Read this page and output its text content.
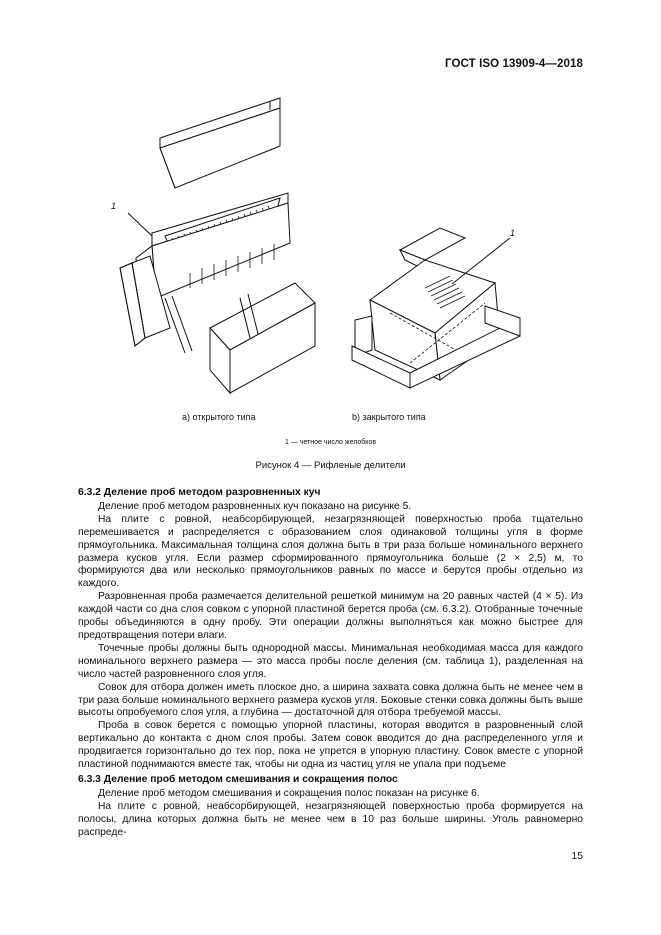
ГОСТ ISO 13909-4—2018
1
1
a) открытого типа	b) закрытого типа
1 — четное число желобков
Рисунок 4 — Рифленые делители
6.3.2 Деление проб методом разровненных куч

Деление проб методом разровненных куч показано на рисунке 5.

На плите с ровной, неабсорбирующей, незагрязняющей поверхностью проба тщательно перемешивается и распределяется с образованием слоя одинаковой толщины угля в форме прямоугольника. Максимальная толщина слоя должна быть в три раза больше номинального верхнего размера кусков угля. Если размер сформированного прямоугольника больше (2 × 2,5) м, то формируются два или несколько прямоугольников равных по массе и берутся пробы отдельно из каждого.

Разровненная проба размечается делительной решеткой минимум на 20 равных частей (4 × 5). Из каждой части со дна слоя совком с упорной пластиной берется проба (см. 6.3.2). Отобранные точечные пробы объединяются в одну пробу. Эти операции должны выполняться как можно быстрее для предотвращения потери влаги.

Точечные пробы должны быть однородной массы. Минимальная необходимая масса для каждого номинального верхнего размера — это масса пробы после деления (см. таблица 1), разделенная на число частей разровненного слоя угля.

Совок для отбора должен иметь плоское дно, а ширина захвата совка должна быть не менее чем в три раза больше номинального верхнего размера кусков угля. Боковые стенки совка должны быть выше высоты опробуемого слоя угля, а глубина — достаточной для отбора требуемой массы.

Проба в совок берется с помощью упорной пластины, которая вводится в разровненный слой вертикально до контакта с дном слоя пробы. Затем совок вводится до дна распределенного угля и продвигается горизонтально до тех пор, пока не упрется в упорную пластину. Совок вместе с упорной пластиной поднимаются вместе так, чтобы ни одна из частиц угля не упала при подъеме

6.3.3 Деление проб методом смешивания и сокращения полос

Деление проб методом смешивания и сокращения полос показан на рисунке 6.

На плите с ровной, неабсорбирующей, незагрязняющей поверхностью проба формируется на полосы, длина которых должна быть не менее чем в 10 раз больше ширины. Уголь равномерно распреде-

15
